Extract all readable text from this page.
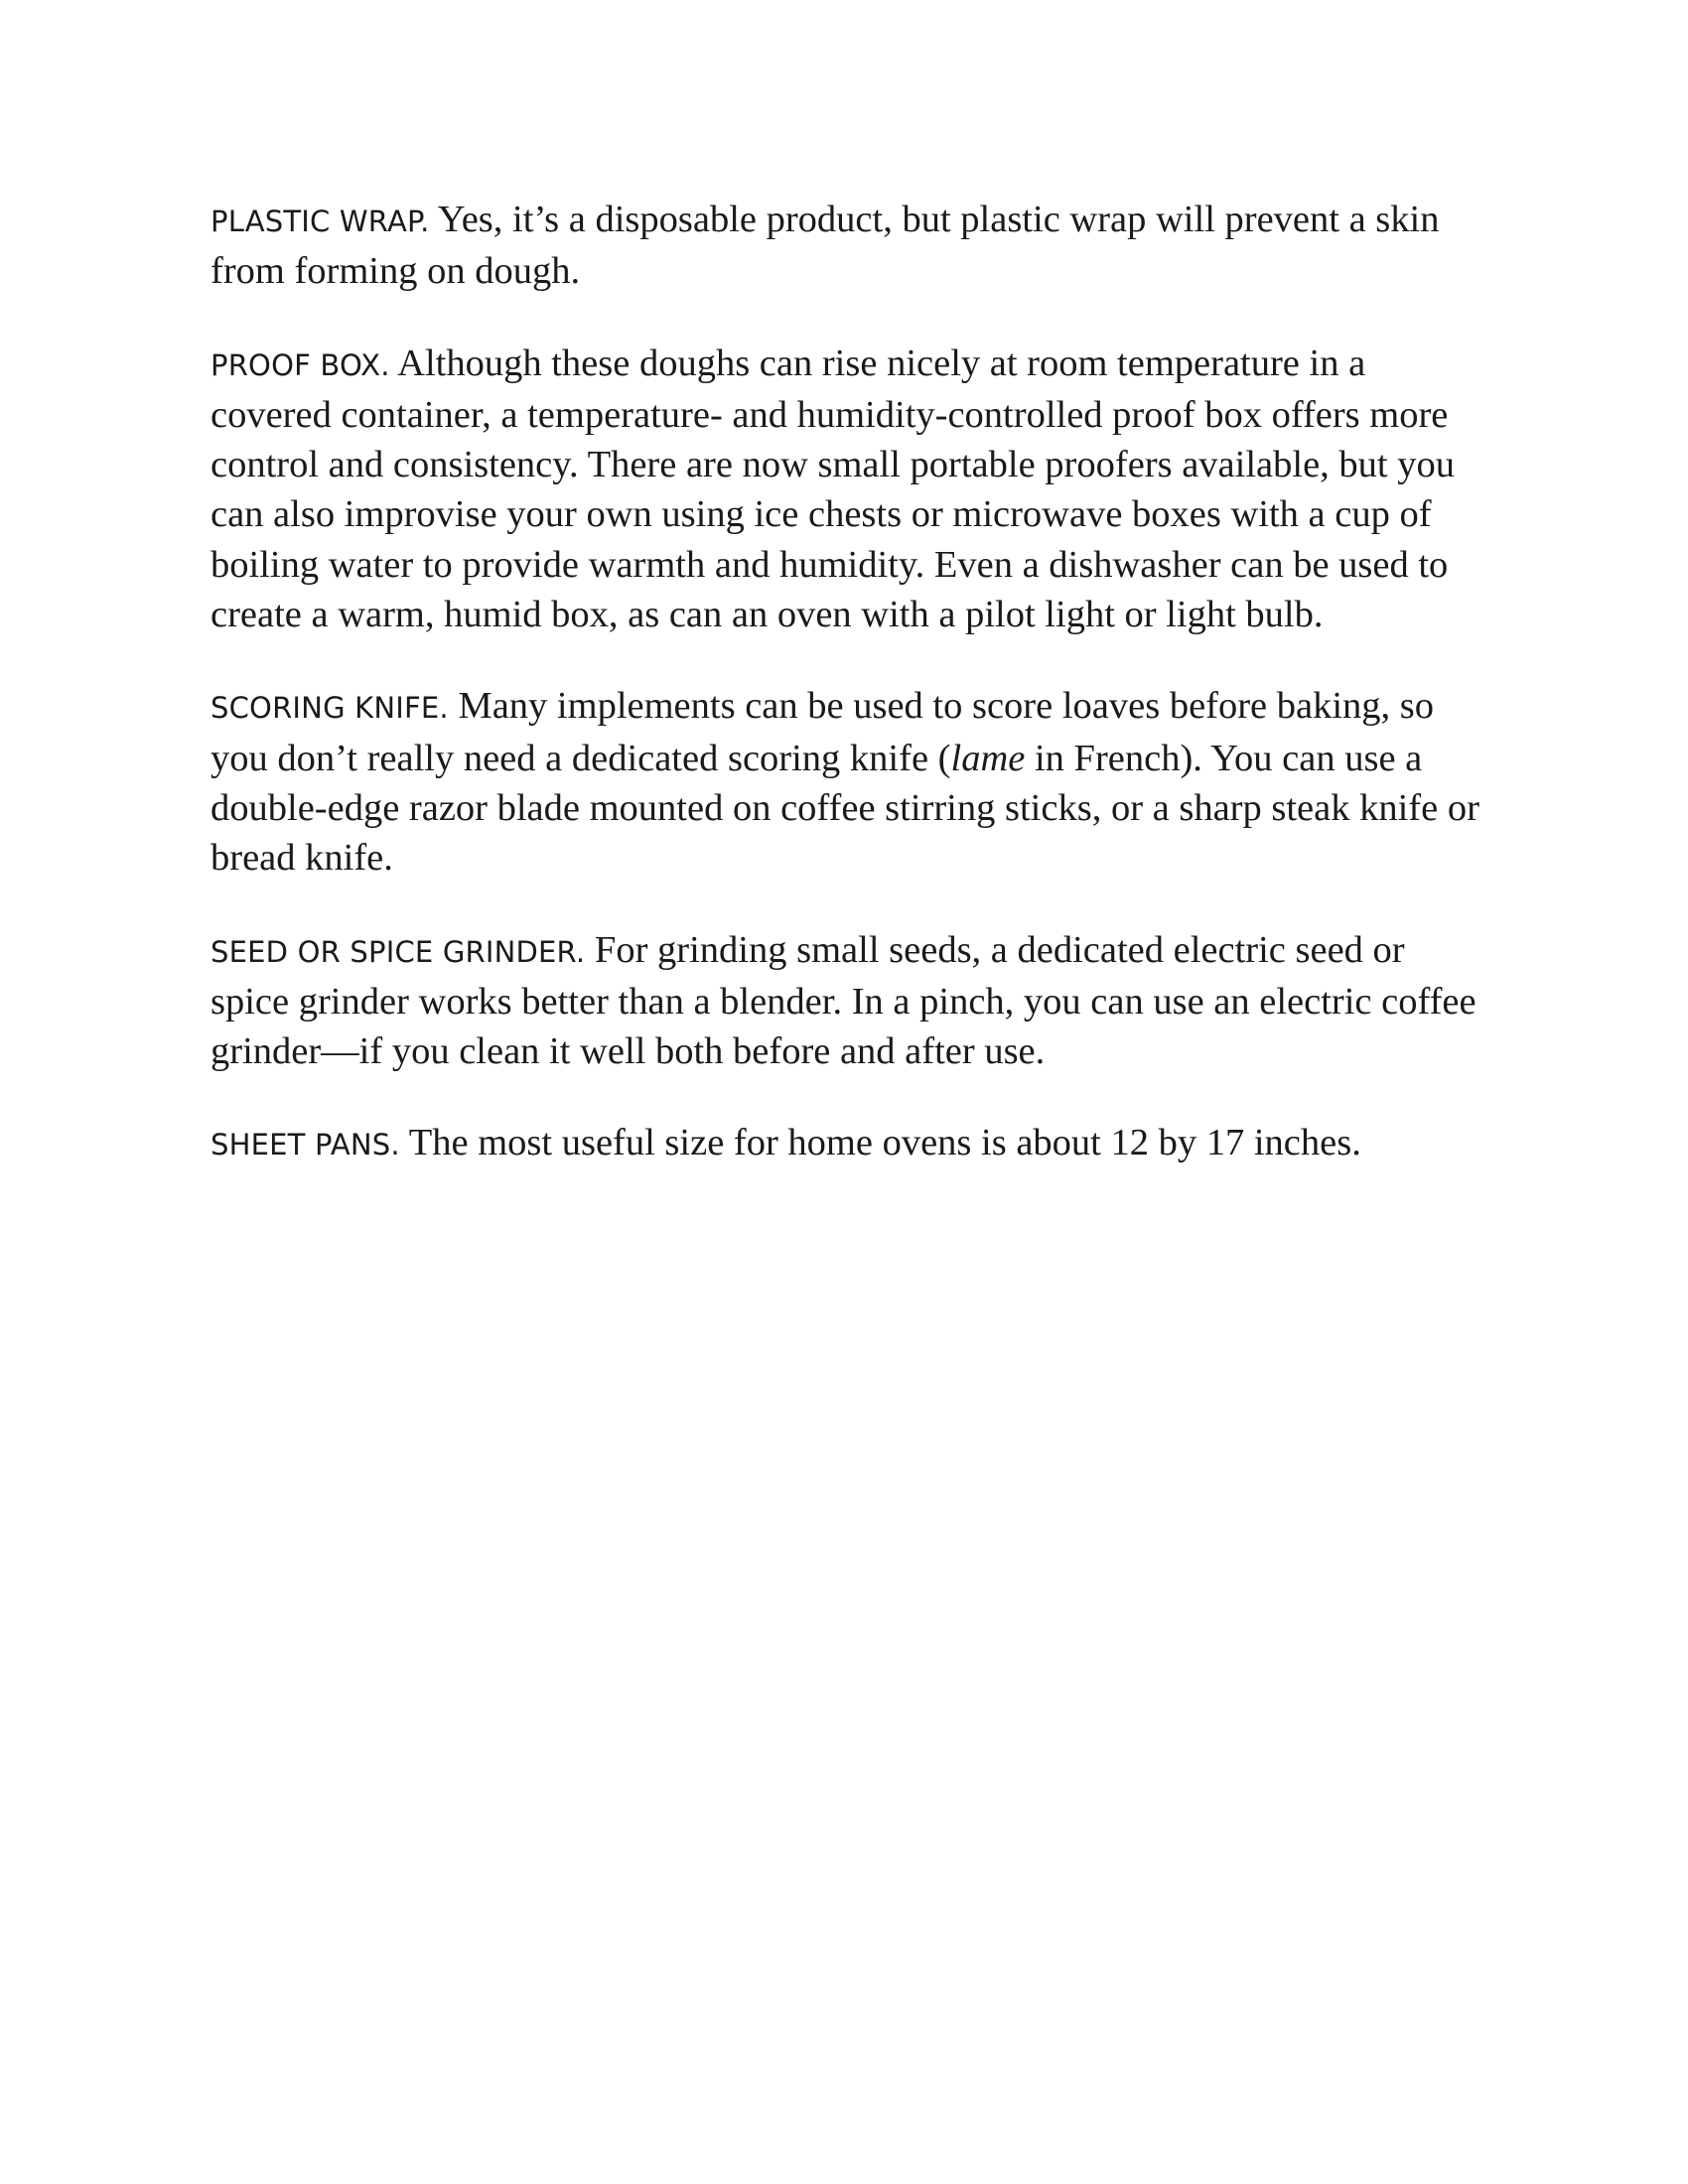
PLASTIC WRAP. Yes, it’s a disposable product, but plastic wrap will prevent a skin from forming on dough.

PROOF BOX. Although these doughs can rise nicely at room temperature in a covered container, a temperature- and humidity-controlled proof box offers more control and consistency. There are now small portable proofers available, but you can also improvise your own using ice chests or microwave boxes with a cup of boiling water to provide warmth and humidity. Even a dishwasher can be used to create a warm, humid box, as can an oven with a pilot light or light bulb.

SCORING KNIFE. Many implements can be used to score loaves before baking, so you don’t really need a dedicated scoring knife (lame in French). You can use a double-edge razor blade mounted on coffee stirring sticks, or a sharp steak knife or bread knife.

SEED OR SPICE GRINDER. For grinding small seeds, a dedicated electric seed or spice grinder works better than a blender. In a pinch, you can use an electric coffee grinder—if you clean it well both before and after use.

SHEET PANS. The most useful size for home ovens is about 12 by 17 inches.
